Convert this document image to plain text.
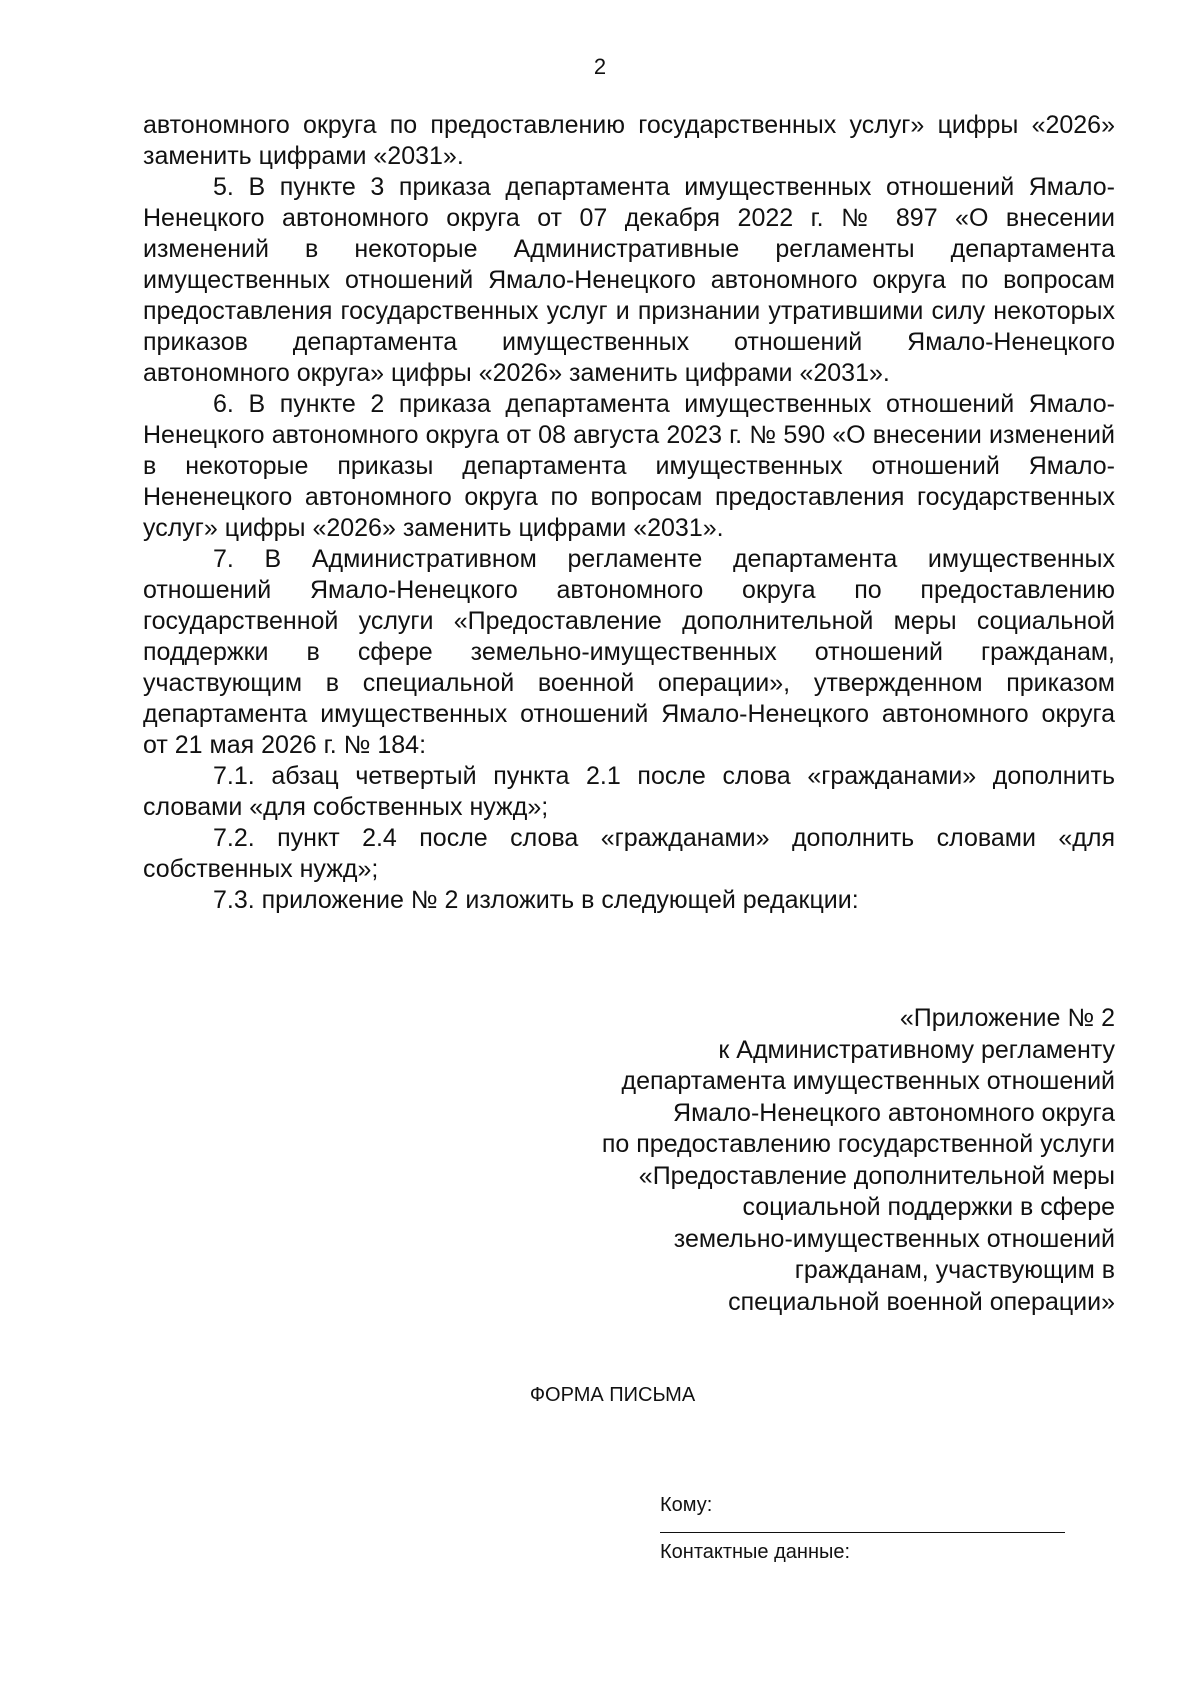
2

автономного округа по предоставлению государственных услуг» цифры «2026» заменить цифрами «2031».

5. В пункте 3 приказа департамента имущественных отношений Ямало-Ненецкого автономного округа от 07 декабря 2022 г. № 897 «О внесении изменений в некоторые Административные регламенты департамента имущественных отношений Ямало-Ненецкого автономного округа по вопросам предоставления государственных услуг и признании утратившими силу некоторых приказов департамента имущественных отношений Ямало-Ненецкого автономного округа» цифры «2026» заменить цифрами «2031».

6. В пункте 2 приказа департамента имущественных отношений Ямало-Ненецкого автономного округа от 08 августа 2023 г. № 590 «О внесении изменений в некоторые приказы департамента имущественных отношений Ямало-Нененецкого автономного округа по вопросам предоставления государственных услуг» цифры «2026» заменить цифрами «2031».

7. В Административном регламенте департамента имущественных отношений Ямало-Ненецкого автономного округа по предоставлению государственной услуги «Предоставление дополнительной меры социальной поддержки в сфере земельно-имущественных отношений гражданам, участвующим в специальной военной операции», утвержденном приказом департамента имущественных отношений Ямало-Ненецкого автономного округа от 21 мая 2026 г. № 184:

7.1. абзац четвертый пункта 2.1 после слова «гражданами» дополнить словами «для собственных нужд»;

7.2. пункт 2.4 после слова «гражданами» дополнить словами «для собственных нужд»;

7.3. приложение № 2 изложить в следующей редакции:

«Приложение № 2
к Административному регламенту
департамента имущественных отношений
Ямало-Ненецкого автономного округа
по предоставлению государственной услуги
«Предоставление дополнительной меры
социальной поддержки в сфере
земельно-имущественных отношений
гражданам, участвующим в
специальной военной операции»
ФОРМА ПИСЬМА
Кому:
Контактные данные:
